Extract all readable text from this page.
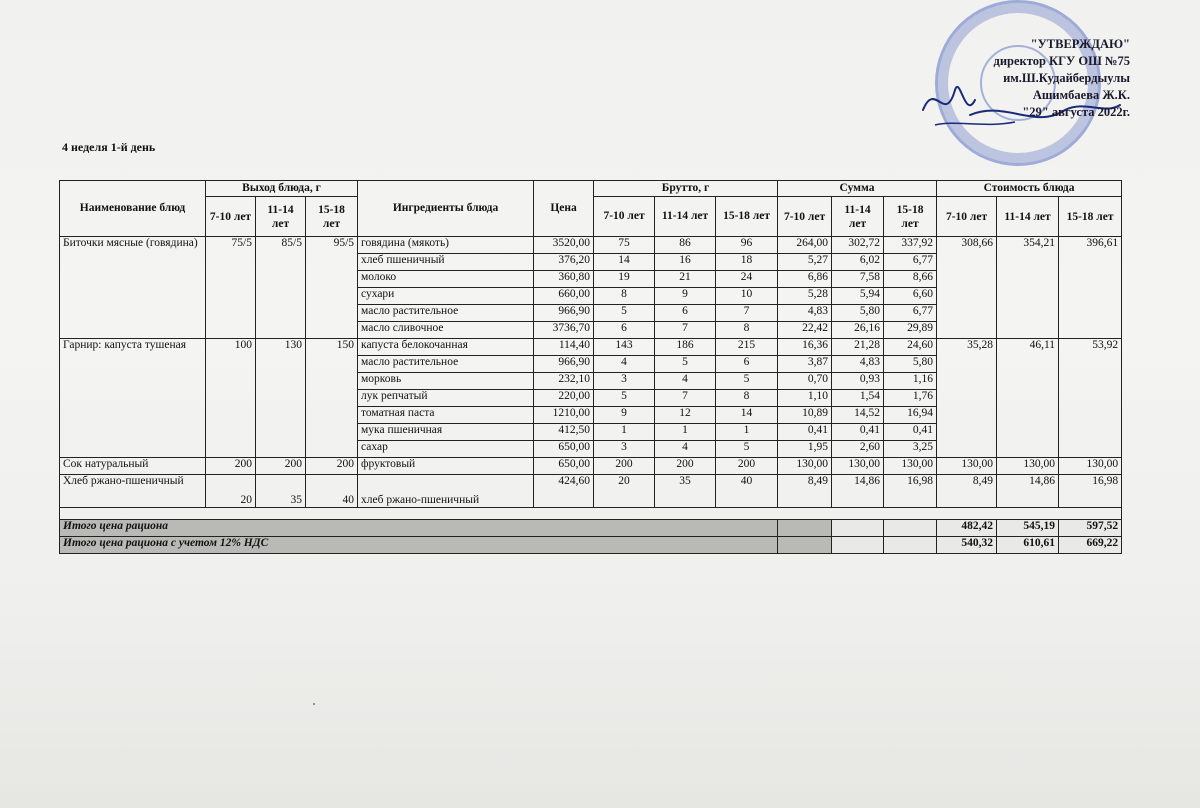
"УТВЕРЖДАЮ"
директор КГУ ОШ №75
им.Ш.Кудайбердыулы
Ашимбаева Ж.К.
"29" августа 2022г.
4 неделя 1-й день
Наименование блюд	Выход блюда, г			Ингредиенты блюда	Цена	Брутто, г			Сумма			Стоимость блюда		
	7-10 лет	11-14 лет	15-18 лет			7-10 лет	11-14 лет	15-18 лет	7-10 лет	11-14 лет	15-18 лет	7-10 лет	11-14 лет	15-18 лет
Биточки мясные (говядина)	75/5	85/5	95/5	говядина (мякоть)	3520,00	75	86	96	264,00	302,72	337,92	308,66	354,21	396,61
				хлеб пшеничный	376,20	14	16	18	5,27	6,02	6,77			
				молоко	360,80	19	21	24	6,86	7,58	8,66			
				сухари	660,00	8	9	10	5,28	5,94	6,60			
				масло растительное	966,90	5	6	7	4,83	5,80	6,77			
				масло сливочное	3736,70	6	7	8	22,42	26,16	29,89			
Гарнир: капуста тушеная	100	130	150	капуста белокочанная	114,40	143	186	215	16,36	21,28	24,60	35,28	46,11	53,92
				масло растительное	966,90	4	5	6	3,87	4,83	5,80			
				морковь	232,10	3	4	5	0,70	0,93	1,16			
				лук репчатый	220,00	5	7	8	1,10	1,54	1,76			
				томатная паста	1210,00	9	12	14	10,89	14,52	16,94			
				мука пшеничная	412,50	1	1	1	0,41	0,41	0,41			
				сахар	650,00	3	4	5	1,95	2,60	3,25			
Сок натуральный	200	200	200	фруктовый	650,00	200	200	200	130,00	130,00	130,00	130,00	130,00	130,00
Хлеб ржано-пшеничный	20	35	40	хлеб ржано-пшеничный	424,60	20	35	40	8,49	14,86	16,98	8,49	14,86	16,98

Итого цена рациона												482,42	545,19	597,52
Итого цена рациона с учетом 12% НДС												540,32	610,61	669,22
